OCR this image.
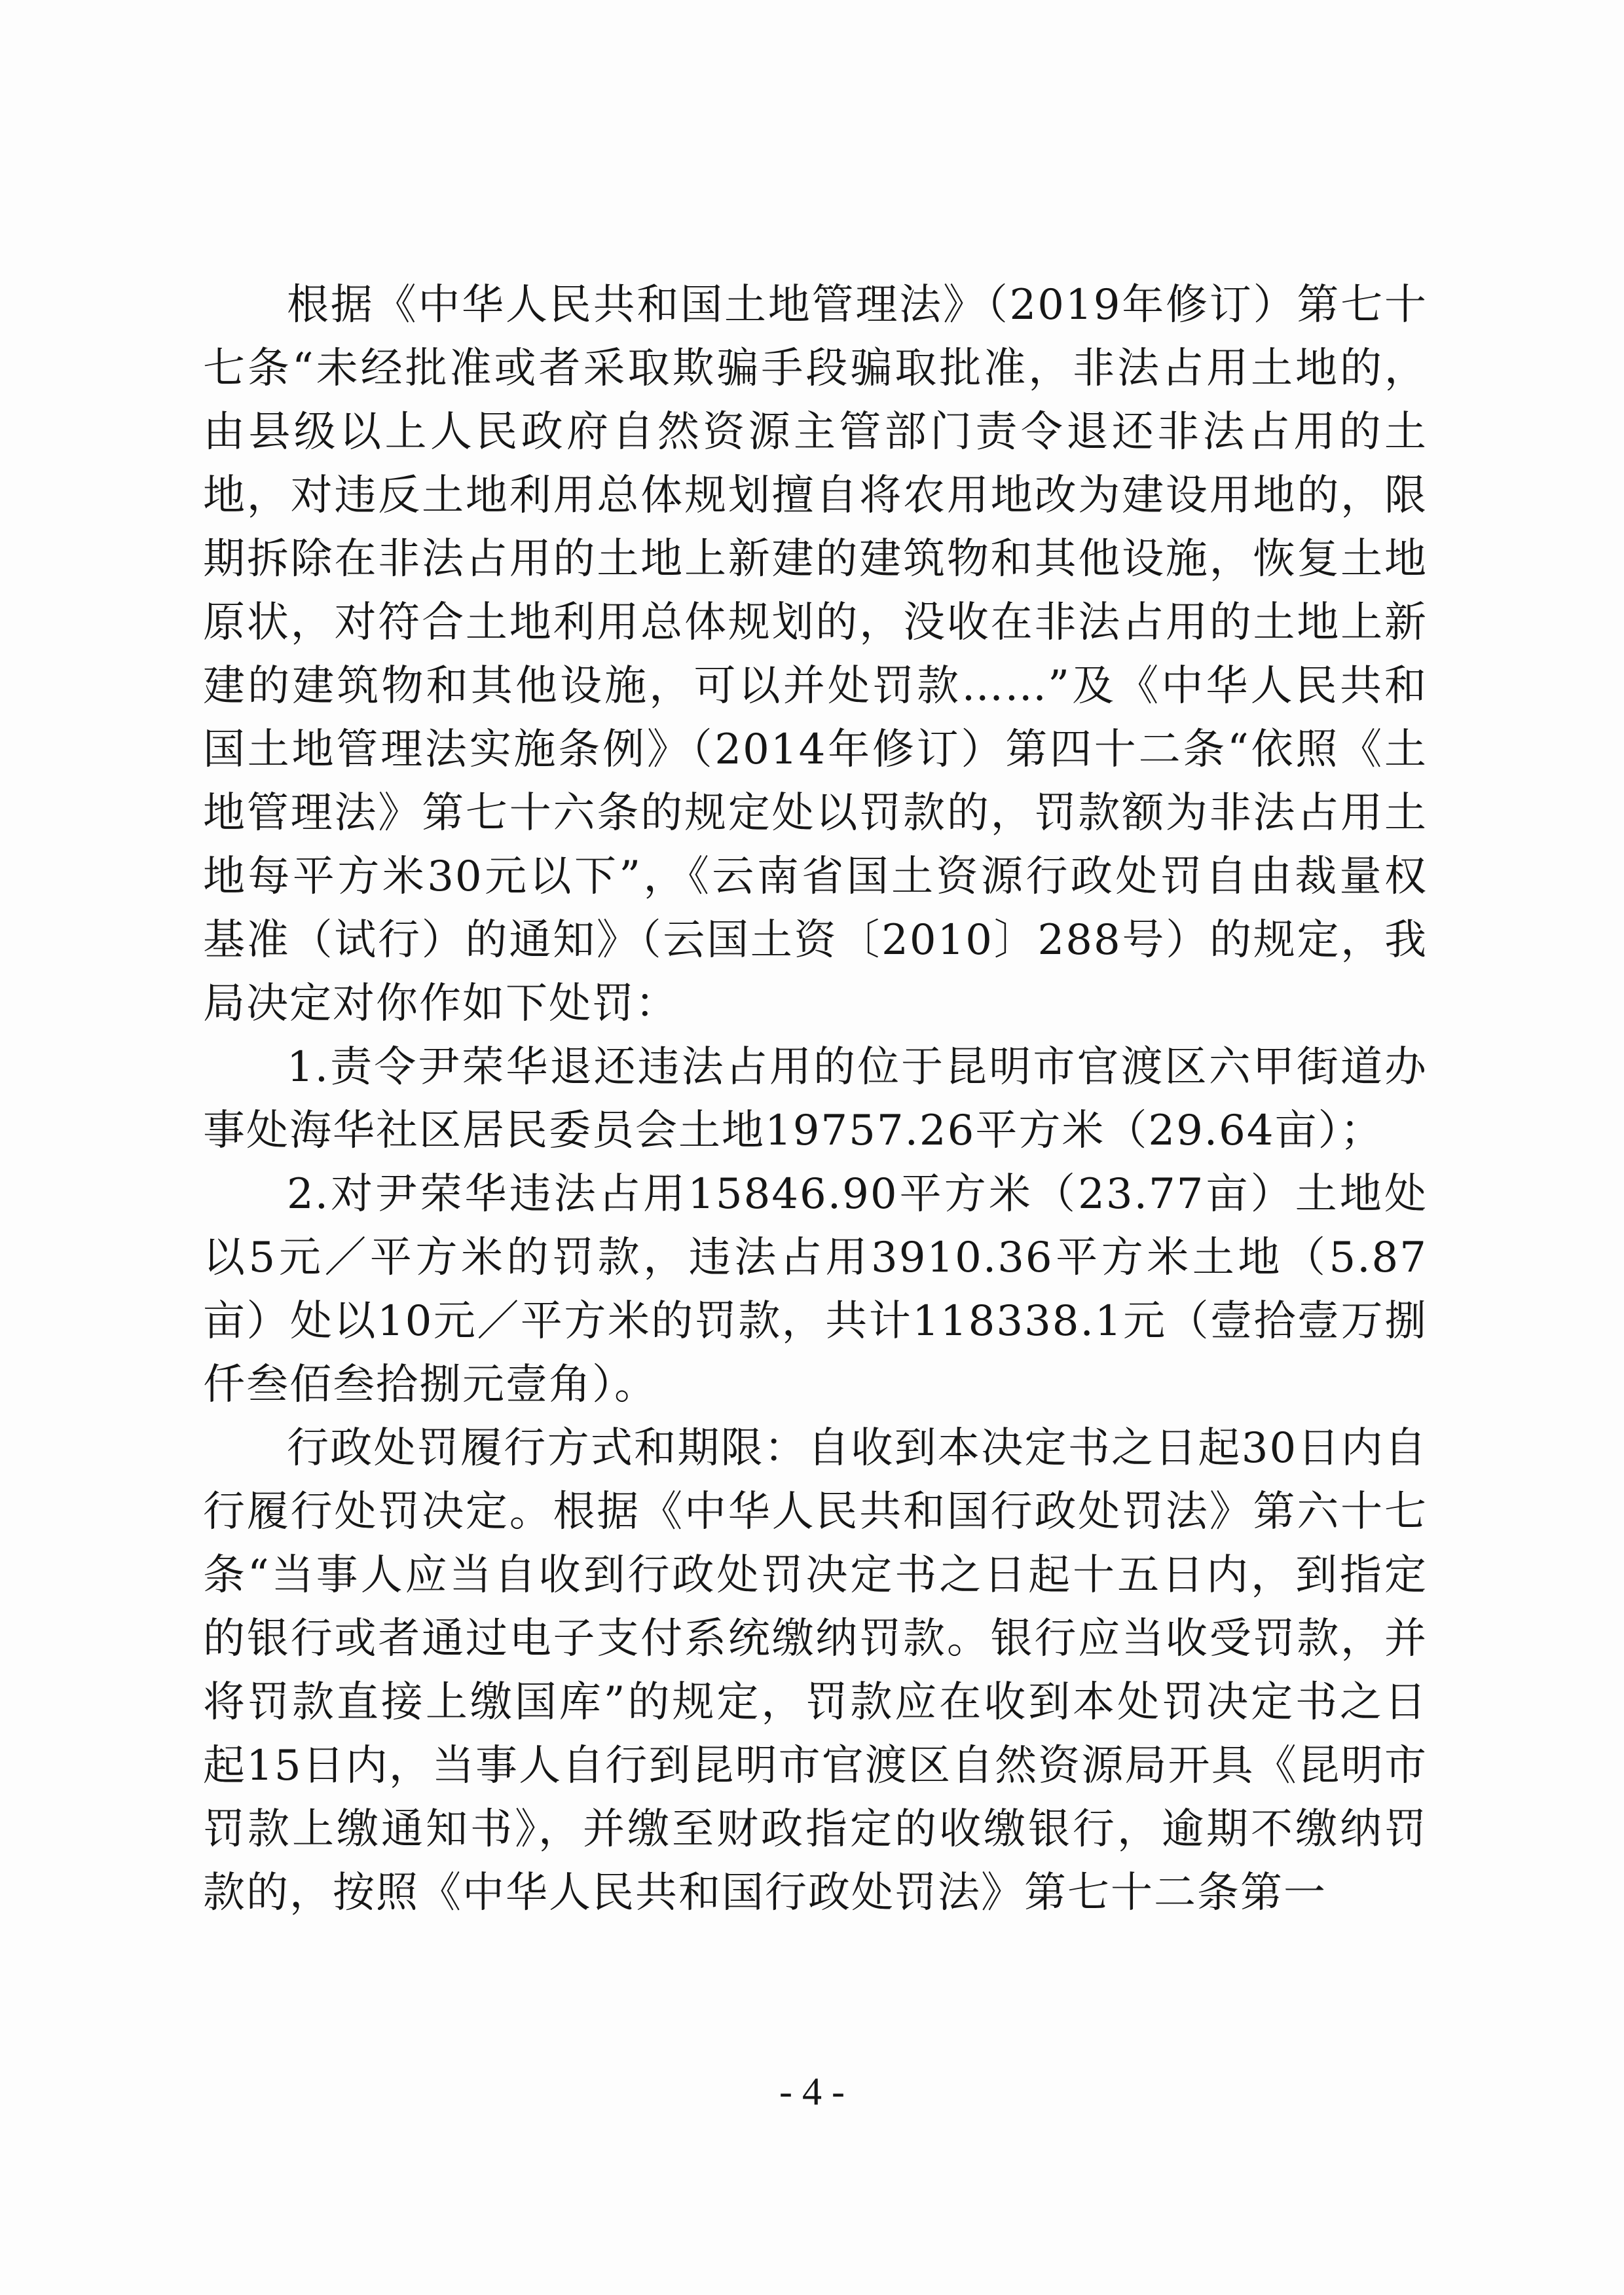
根据《中华人民共和国土地管理法》（2019年修订）第七十七条“未经批准或者采取欺骗手段骗取批准，非法占用土地的，由县级以上人民政府自然资源主管部门责令退还非法占用的土地，对违反土地利用总体规划擅自将农用地改为建设用地的，限期拆除在非法占用的土地上新建的建筑物和其他设施，恢复土地原状，对符合土地利用总体规划的，没收在非法占用的土地上新建的建筑物和其他设施，可以并处罚款……”及《中华人民共和国土地管理法实施条例》（2014年修订）第四十二条“依照《土地管理法》第七十六条的规定处以罚款的，罚款额为非法占用土地每平方米30元以下”，《云南省国土资源行政处罚自由裁量权基准（试行）的通知》（云国土资〔2010〕288号）的规定，我局决定对你作如下处罚：

1.责令尹荣华退还违法占用的位于昆明市官渡区六甲街道办事处海华社区居民委员会土地19757.26平方米（29.64亩）；

2.对尹荣华违法占用15846.90平方米（23.77亩）土地处以5元／平方米的罚款，违法占用3910.36平方米土地（5.87亩）处以10元／平方米的罚款，共计118338.1元（壹拾壹万捌仟叁佰叁拾捌元壹角）。

行政处罚履行方式和期限：自收到本决定书之日起30日内自行履行处罚决定。根据《中华人民共和国行政处罚法》第六十七条“当事人应当自收到行政处罚决定书之日起十五日内，到指定的银行或者通过电子支付系统缴纳罚款。银行应当收受罚款，并将罚款直接上缴国库”的规定，罚款应在收到本处罚决定书之日起15日内，当事人自行到昆明市官渡区自然资源局开具《昆明市罚款上缴通知书》，并缴至财政指定的收缴银行，逾期不缴纳罚款的，按照《中华人民共和国行政处罚法》第七十二条第一

- 4 -
